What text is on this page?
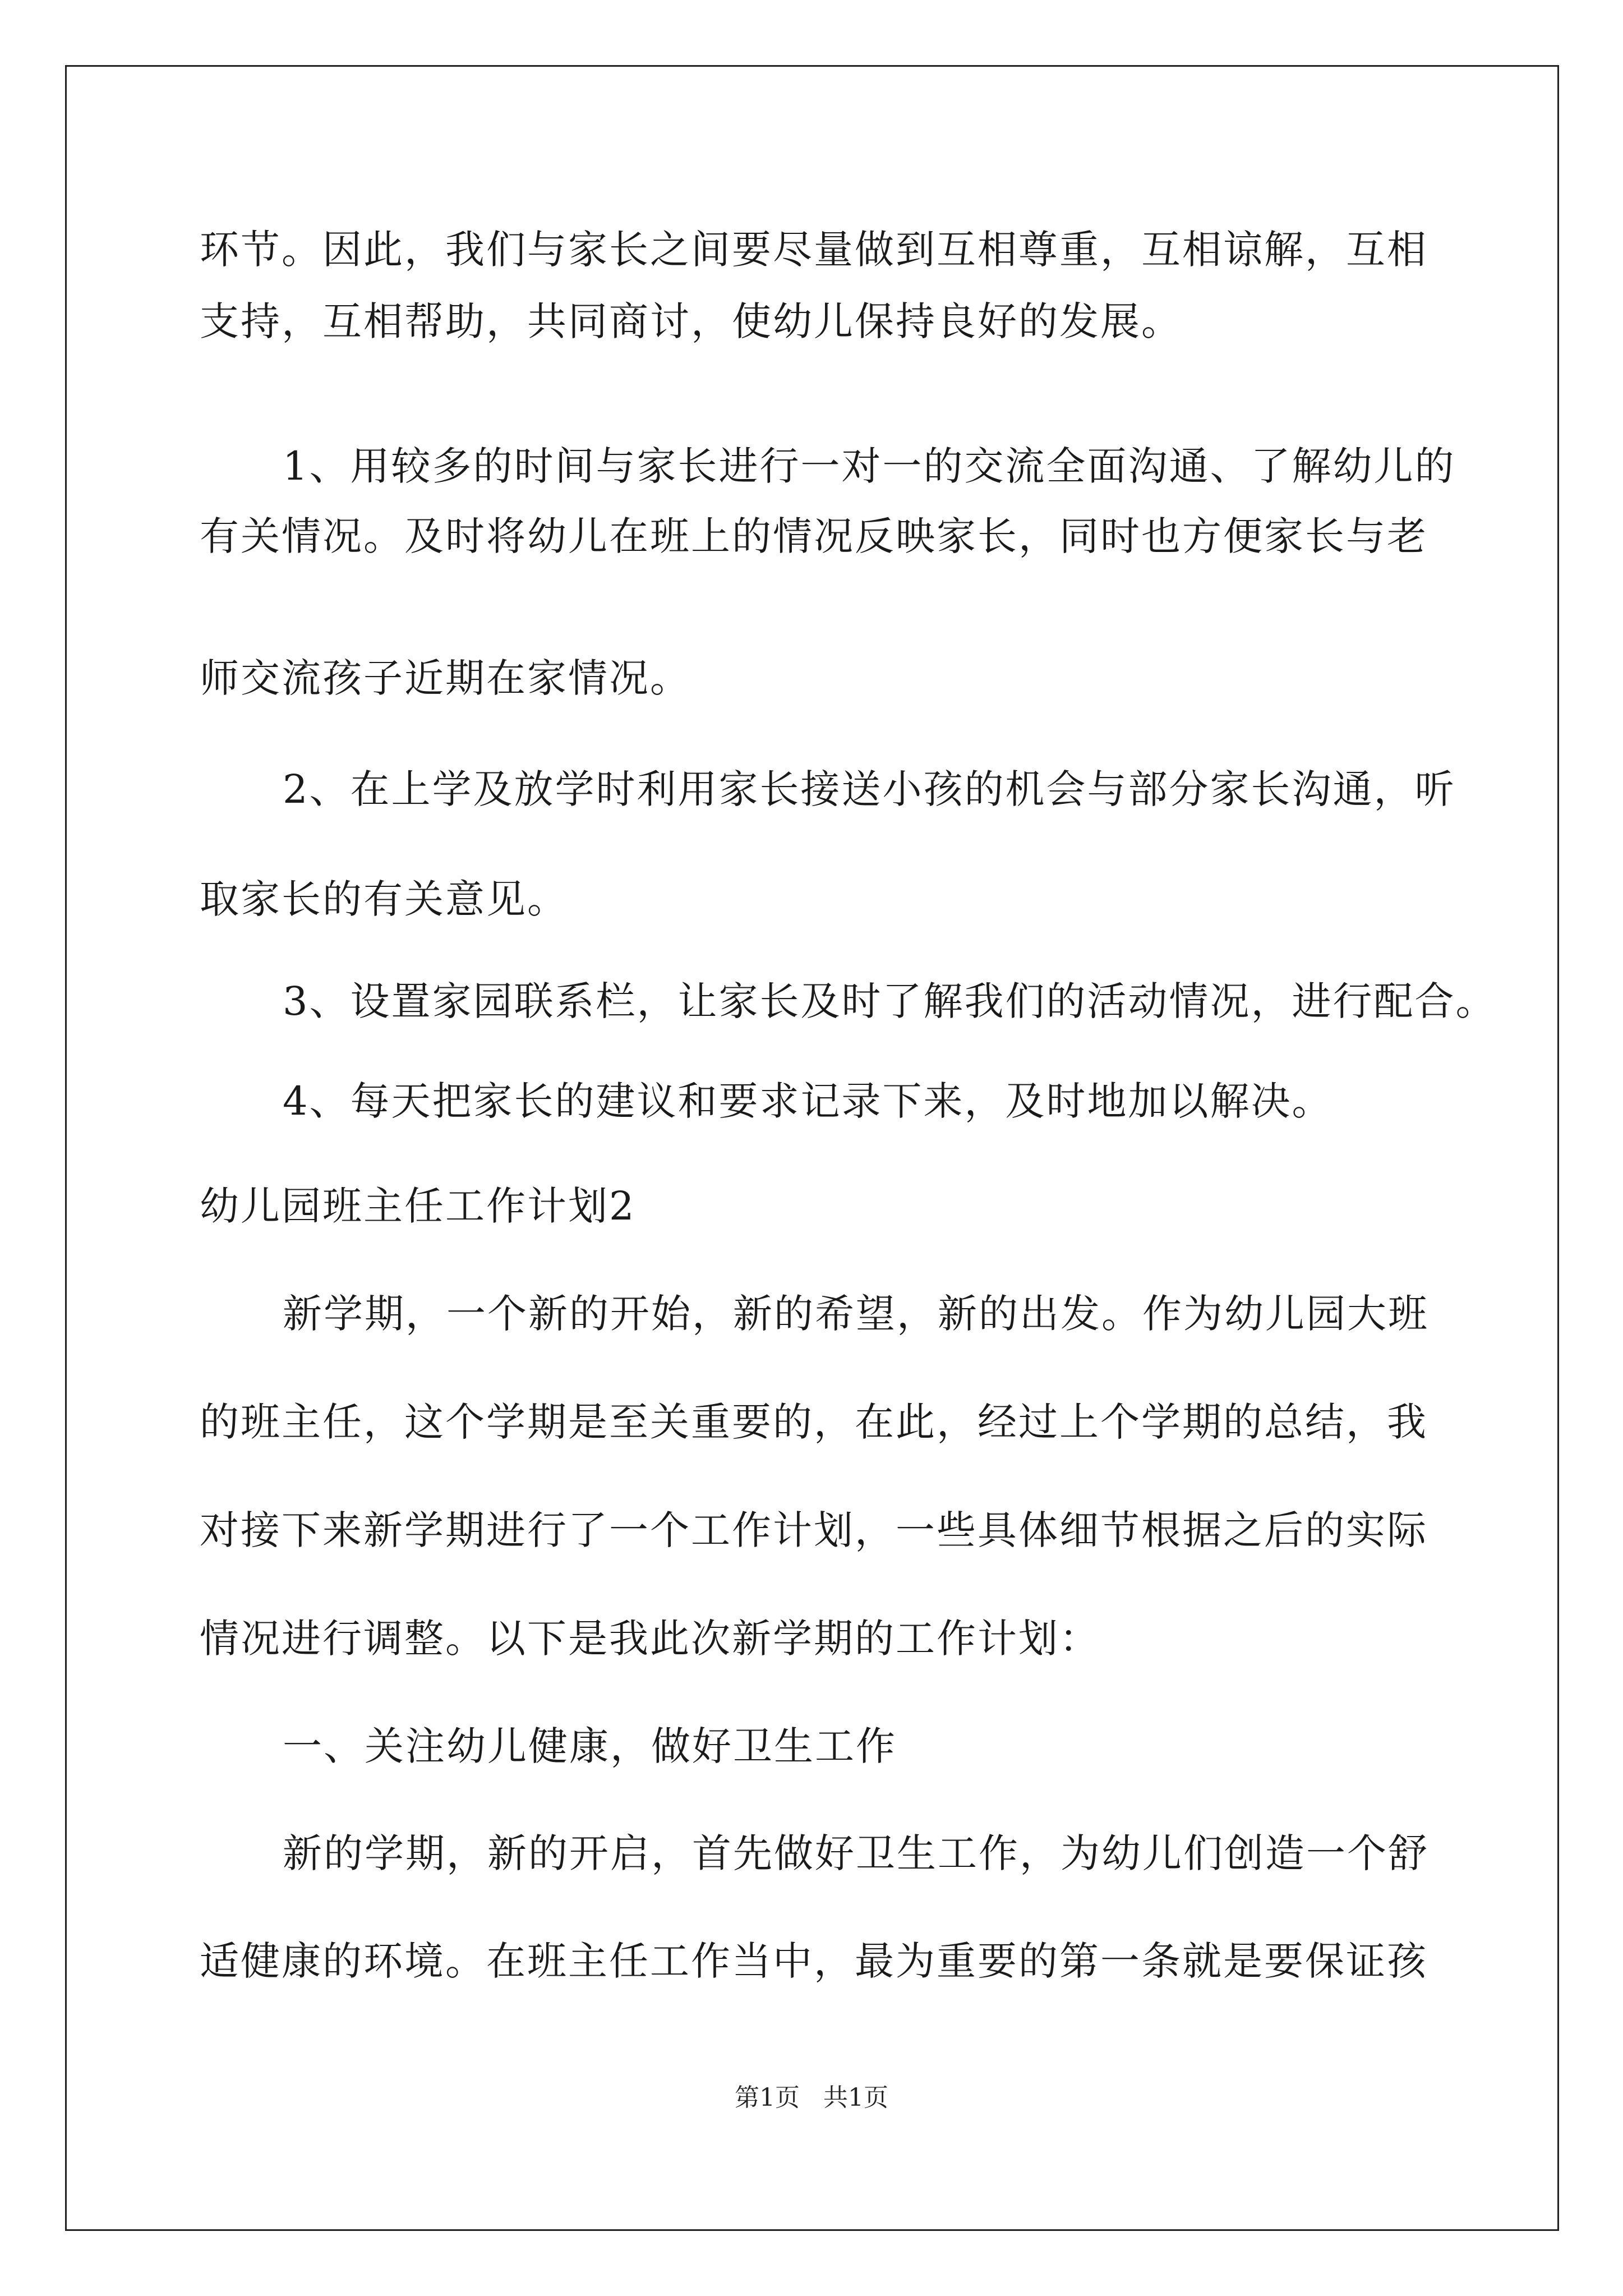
环节。因此，我们与家长之间要尽量做到互相尊重，互相谅解，互相
支持，互相帮助，共同商讨，使幼儿保持良好的发展。
1、用较多的时间与家长进行一对一的交流全面沟通、了解幼儿的
有关情况。及时将幼儿在班上的情况反映家长，同时也方便家长与老
师交流孩子近期在家情况。
2、在上学及放学时利用家长接送小孩的机会与部分家长沟通，听
取家长的有关意见。
3、设置家园联系栏，让家长及时了解我们的活动情况，进行配合。
4、每天把家长的建议和要求记录下来，及时地加以解决。
幼儿园班主任工作计划2
新学期，一个新的开始，新的希望，新的出发。作为幼儿园大班
的班主任，这个学期是至关重要的，在此，经过上个学期的总结，我
对接下来新学期进行了一个工作计划，一些具体细节根据之后的实际
情况进行调整。以下是我此次新学期的工作计划：
一、关注幼儿健康，做好卫生工作
新的学期，新的开启，首先做好卫生工作，为幼儿们创造一个舒
适健康的环境。在班主任工作当中，最为重要的第一条就是要保证孩
第1页   共1页
